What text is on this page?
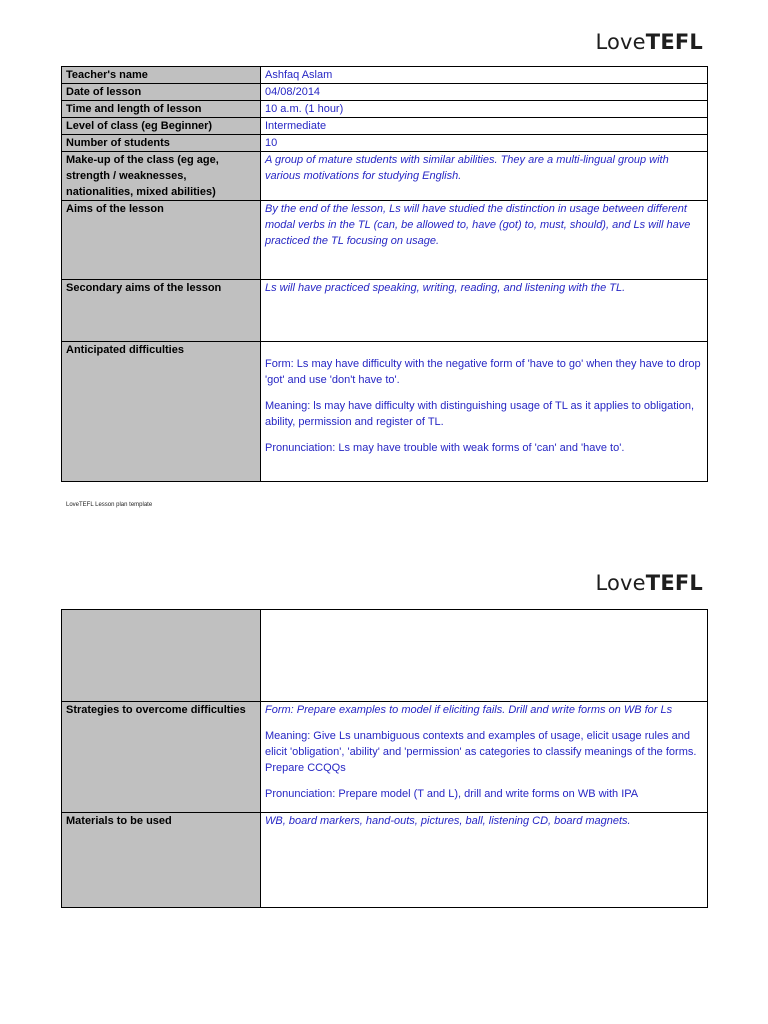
LoveTEFL
Teacher's name	Ashfaq Aslam
Date of lesson	04/08/2014
Time and length of lesson	10 a.m. (1 hour)
Level of class (eg Beginner)	Intermediate
Number of students	10
Make-up of the class (eg age, strength / weaknesses, nationalities, mixed abilities)	A group of mature students with similar abilities. They are a multi-lingual group with various motivations for studying English.
Aims of the lesson	By the end of the lesson, Ls will have studied the distinction in usage between different modal verbs in the TL (can, be allowed to, have (got) to, must, should), and Ls will have practiced the TL focusing on usage.
Secondary aims of the lesson	Ls will have practiced speaking, writing, reading, and listening with the TL.
Anticipated difficulties	Form: Ls may have difficulty with the negative form of 'have to go' when they have to drop 'got' and use 'don't have to'.
Meaning: ls may have difficulty with distinguishing usage of TL as it applies to obligation, ability, permission and register of TL.
Pronunciation: Ls may have trouble with weak forms of 'can' and 'have to'.
LoveTEFL Lesson plan template
LoveTEFL

Strategies to overcome difficulties	Form: Prepare examples to model if eliciting fails. Drill and write forms on WB for Ls
Meaning: Give Ls unambiguous contexts and examples of usage, elicit usage rules and elicit 'obligation', 'ability' and 'permission' as categories to classify meanings of the forms. Prepare CCQQs
Pronunciation: Prepare model (T and L), drill and write forms on WB with IPA

Materials to be used	WB, board markers, hand-outs, pictures, ball, listening CD, board magnets.
